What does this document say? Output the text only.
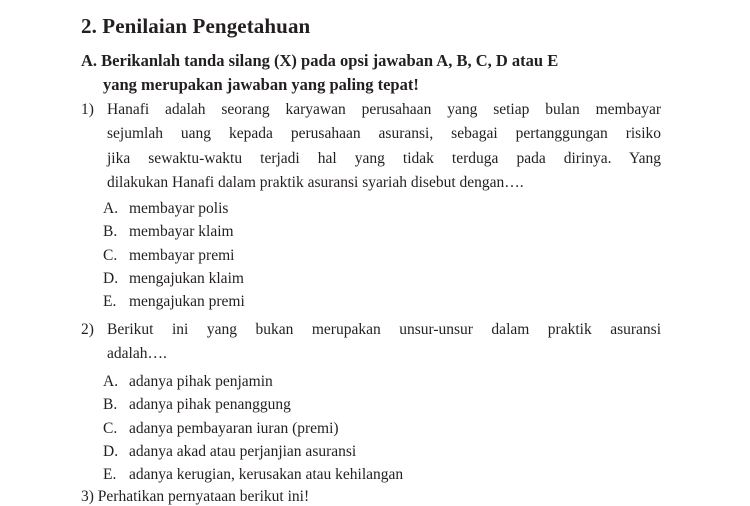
2. Penilaian Pengetahuan
A. Berikanlah tanda silang (X) pada opsi jawaban A, B, C, D atau E
yang merupakan jawaban yang paling tepat!
1) Hanafi adalah seorang karyawan perusahaan yang setiap bulan membayar
sejumlah uang kepada perusahaan asuransi, sebagai pertanggungan risiko
jika sewaktu-waktu terjadi hal yang tidak terduga pada dirinya. Yang
dilakukan Hanafi dalam praktik asuransi syariah disebut dengan….
A. membayar polis
B. membayar klaim
C. membayar premi
D. mengajukan klaim
E. mengajukan premi
2) Berikut ini yang bukan merupakan unsur-unsur dalam praktik asuransi
adalah….
A. adanya pihak penjamin
B. adanya pihak penanggung
C. adanya pembayaran iuran (premi)
D. adanya akad atau perjanjian asuransi
E. adanya kerugian, kerusakan atau kehilangan
3) Perhatikan pernyataan berikut ini!
